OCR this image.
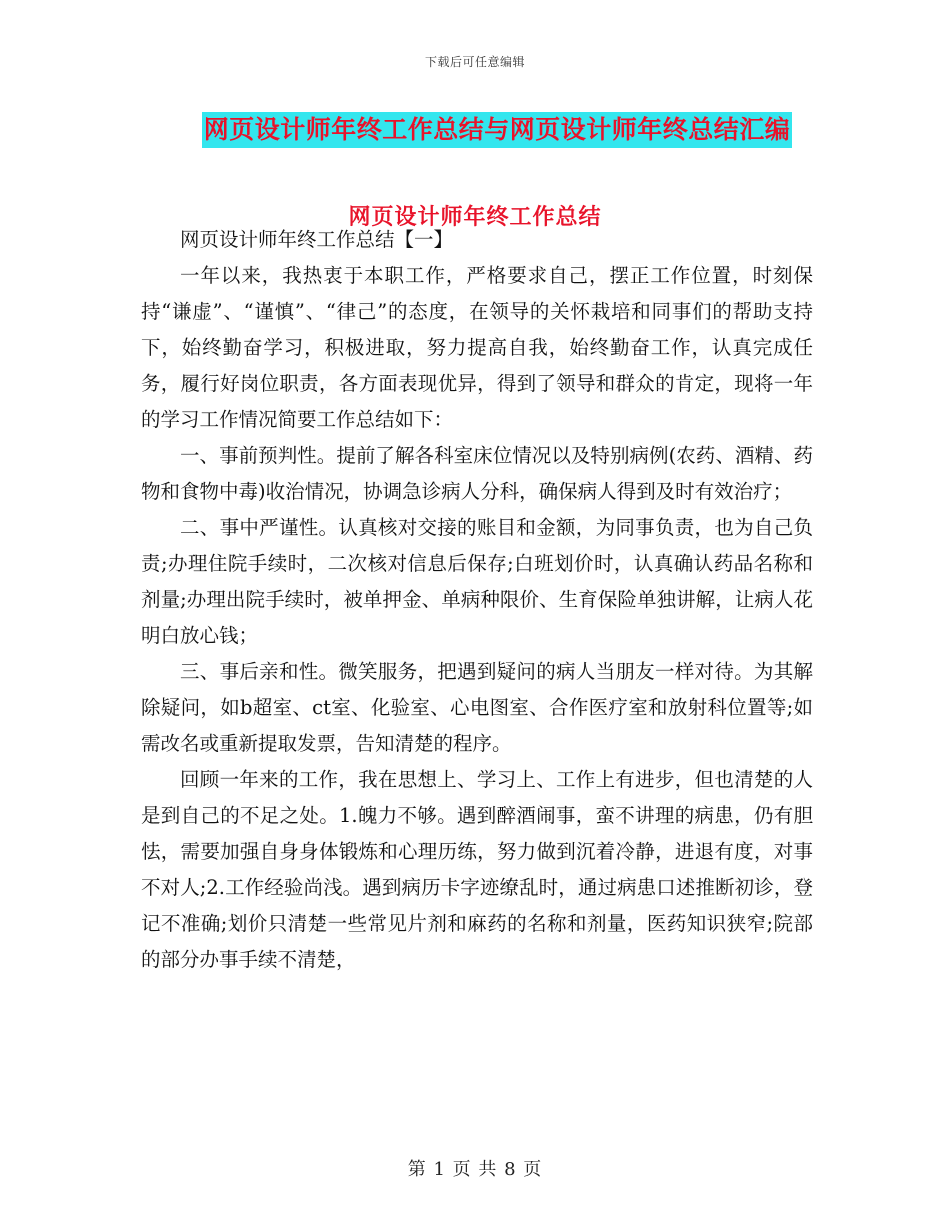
下载后可任意编辑
网页设计师年终工作总结与网页设计师年终总结汇编
网页设计师年终工作总结

网页设计师年终工作总结【一】

一年以来，我热衷于本职工作，严格要求自己，摆正工作位置，时刻保持“谦虚”、“谨慎”、“律己”的态度，在领导的关怀栽培和同事们的帮助支持下，始终勤奋学习，积极进取，努力提高自我，始终勤奋工作，认真完成任务，履行好岗位职责，各方面表现优异，得到了领导和群众的肯定，现将一年的学习工作情况简要工作总结如下：

一、事前预判性。提前了解各科室床位情况以及特别病例(农药、酒精、药物和食物中毒)收治情况，协调急诊病人分科，确保病人得到及时有效治疗；

二、事中严谨性。认真核对交接的账目和金额，为同事负责，也为自己负责;办理住院手续时，二次核对信息后保存;白班划价时，认真确认药品名称和剂量;办理出院手续时，被单押金、单病种限价、生育保险单独讲解，让病人花明白放心钱；

三、事后亲和性。微笑服务，把遇到疑问的病人当朋友一样对待。为其解除疑问，如b超室、ct室、化验室、心电图室、合作医疗室和放射科位置等;如需改名或重新提取发票，告知清楚的程序。

回顾一年来的工作，我在思想上、学习上、工作上有进步，但也清楚的人是到自己的不足之处。1.魄力不够。遇到醉酒闹事，蛮不讲理的病患，仍有胆怯，需要加强自身身体锻炼和心理历练，努力做到沉着冷静，进退有度，对事不对人;2.工作经验尚浅。遇到病历卡字迹缭乱时，通过病患口述推断初诊，登记不准确;划价只清楚一些常见片剂和麻药的名称和剂量，医药知识狭窄;院部的部分办事手续不清楚，

第 1 页 共 8 页
